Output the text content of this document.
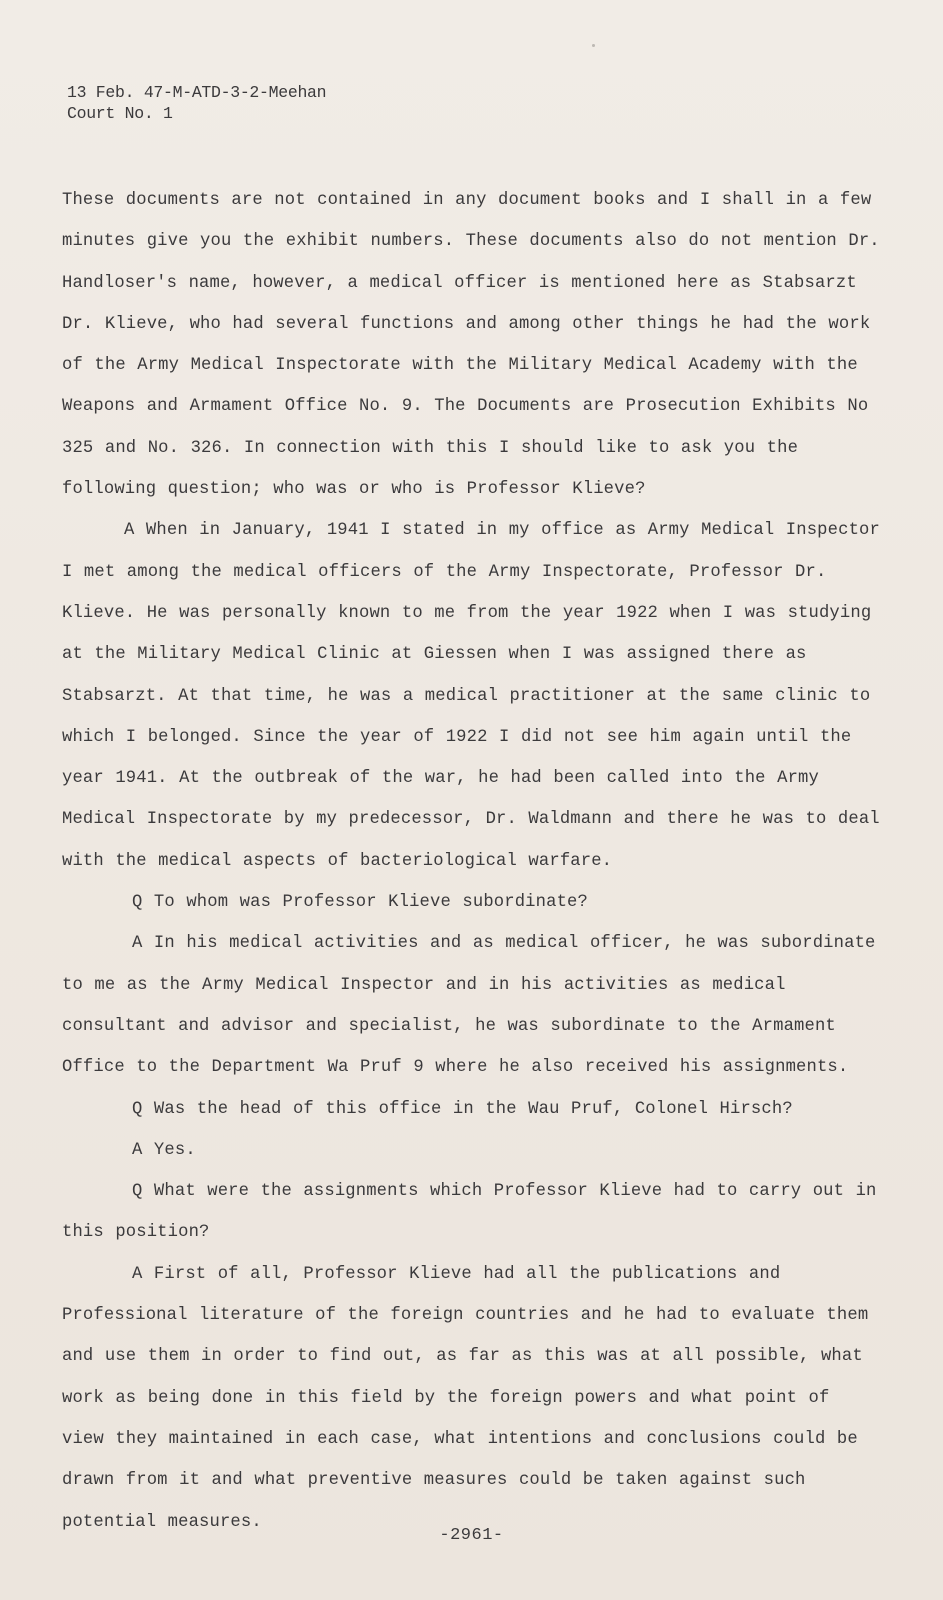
13 Feb. 47-M-ATD-3-2-Meehan
Court No. 1

These documents are not contained in any document books and I shall in a few minutes give you the exhibit numbers. These documents also do not mention Dr. Handloser's name, however, a medical officer is mentioned here as Stabsarzt Dr. Klieve, who had several functions and among other things he had the work of the Army Medical Inspectorate with the Military Medical Academy with the Weapons and Armament Office No. 9. The Documents are Prosecution Exhibits No 325 and No. 326. In connection with this I should like to ask you the following question; who was or who is Professor Klieve?

A When in January, 1941 I stated in my office as Army Medical Inspector I met among the medical officers of the Army Inspectorate, Professor Dr. Klieve. He was personally known to me from the year 1922 when I was studying at the Military Medical Clinic at Giessen when I was assigned there as Stabsarzt. At that time, he was a medical practitioner at the same clinic to which I belonged. Since the year of 1922 I did not see him again until the year 1941. At the outbreak of the war, he had been called into the Army Medical Inspectorate by my predecessor, Dr. Waldmann and there he was to deal with the medical aspects of bacteriological warfare.

Q To whom was Professor Klieve subordinate?

A In his medical activities and as medical officer, he was subordinate to me as the Army Medical Inspector and in his activities as medical consultant and advisor and specialist, he was subordinate to the Armament Office to the Department Wa Pruf 9 where he also received his assignments.

Q Was the head of this office in the Wau Pruf, Colonel Hirsch?

A Yes.

Q What were the assignments which Professor Klieve had to carry out in this position?

A First of all, Professor Klieve had all the publications and Professional literature of the foreign countries and he had to evaluate them and use them in order to find out, as far as this was at all possible, what work as being done in this field by the foreign powers and what point of view they maintained in each case, what intentions and conclusions could be drawn from it and what preventive measures could be taken against such potential measures.

-2961-
